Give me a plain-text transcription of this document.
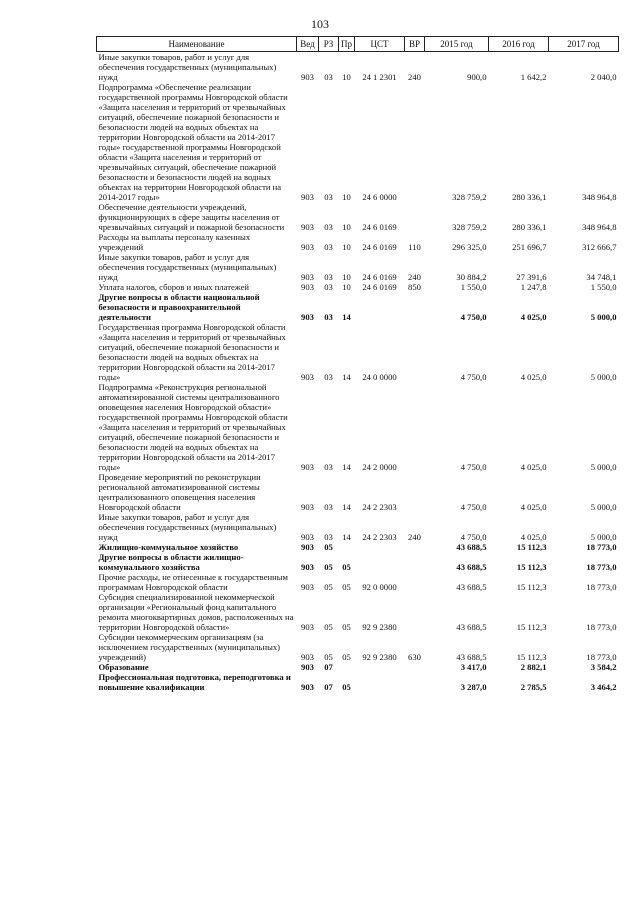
103
Наименование	Вед	РЗ	Пр	ЦСТ	ВР	2015 год	2016 год	2017 год
Иные закупки товаров, работ и услуг для обеспечения государственных (муниципальных) нужд	903	03	10	24 1 2301	240	900,0	1 642,2	2 040,0
Подпрограмма «Обеспечение реализации государственной программы Новгородской области «Защита населения и территорий от чрезвычайных ситуаций, обеспечение пожарной безопасности и безопасности людей на водных объектах на территории Новгородской области на 2014-2017 годы» государственной программы Новгородской области «Защита населения и территорий от чрезвычайных ситуаций, обеспечение пожарной безопасности и безопасности людей на водных объектах на территории Новгородской области на 2014-2017 годы»	903	03	10	24 6 0000		328 759,2	280 336,1	348 964,8
Обеспечение деятельности учреждений, функционирующих в сфере защиты населения от чрезвычайных ситуаций и пожарной безопасности	903	03	10	24 6 0169		328 759,2	280 336,1	348 964,8
Расходы на выплаты персоналу казенных учреждений	903	03	10	24 6 0169	110	296 325,0	251 696,7	312 666,7
Иные закупки товаров, работ и услуг для обеспечения государственных (муниципальных) нужд	903	03	10	24 6 0169	240	30 884,2	27 391,6	34 748,1
Уплата налогов, сборов и иных платежей	903	03	10	24 6 0169	850	1 550,0	1 247,8	1 550,0
Другие вопросы в области национальной безопасности и правоохранительной деятельности	903	03	14			4 750,0	4 025,0	5 000,0
Государственная программа Новгородской области «Защита населения и территорий от чрезвычайных ситуаций, обеспечение пожарной безопасности и безопасности людей на водных объектах на территории Новгородской области на 2014-2017 годы»	903	03	14	24 0 0000		4 750,0	4 025,0	5 000,0
Подпрограмма «Реконструкция региональной автоматизированной системы централизованного оповещения населения Новгородской области» государственной программы Новгородской области «Защита населения и территорий от чрезвычайных ситуаций, обеспечение пожарной безопасности и безопасности людей на водных объектах на территории Новгородской области на 2014-2017 годы»	903	03	14	24 2 0000		4 750,0	4 025,0	5 000,0
Проведение мероприятий по реконструкции региональной автоматизированной системы централизованного оповещения населения Новгородской области	903	03	14	24 2 2303		4 750,0	4 025,0	5 000,0
Иные закупки товаров, работ и услуг для обеспечения государственных (муниципальных) нужд	903	03	14	24 2 2303	240	4 750,0	4 025,0	5 000,0
Жилищно-коммунальное хозяйство	903	05				43 688,5	15 112,3	18 773,0
Другие вопросы в области жилищно-коммунального хозяйства	903	05	05			43 688,5	15 112,3	18 773,0
Прочие расходы, не отнесенные к государственным программам Новгородской области	903	05	05	92 0 0000		43 688,5	15 112,3	18 773,0
Субсидия специализированной некоммерческой организации «Региональный фонд капитального ремонта многоквартирных домов, расположенных на территории Новгородской области»	903	05	05	92 9 2380		43 688,5	15 112,3	18 773,0
Субсидии некоммерческим организациям (за исключением государственных (муниципальных) учреждений)	903	05	05	92 9 2380	630	43 688,5	15 112,3	18 773,0
Образование	903	07				3 417,0	2 882,1	3 584,2
Профессиональная подготовка, переподготовка и повышение квалификации	903	07	05			3 287,0	2 785,5	3 464,2
